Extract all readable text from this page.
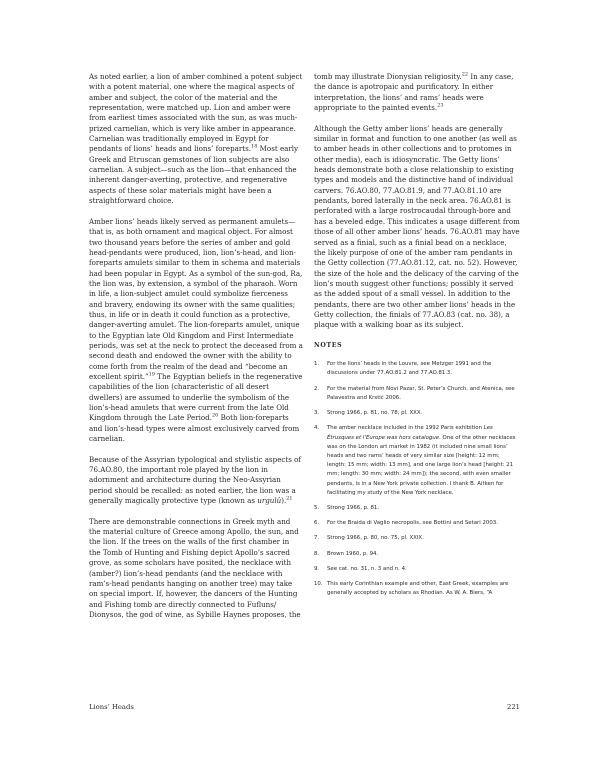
As noted earlier, a lion of amber combined a potent subject with a potent material, one where the magical aspects of amber and subject, the color of the material and the representation, were matched up. Lion and amber were from earliest times associated with the sun, as was much-prized carnelian, which is very like amber in appearance. Carnelian was traditionally employed in Egypt for pendants of lions’ heads and lions’ foreparts.$^{18}$ Most early Greek and Etruscan gemstones of lion subjects are also carnelian. A subject—such as the lion—that enhanced the inherent danger-averting, protective, and regenerative aspects of these solar materials might have been a straightforward choice.

Amber lions’ heads likely served as permanent amulets—that is, as both ornament and magical object. For almost two thousand years before the series of amber and gold head-pendants were produced, lion, lion’s-head, and lion-foreparts amulets similar to them in schema and materials had been popular in Egypt. As a symbol of the sun-god, Ra, the lion was, by extension, a symbol of the pharaoh. Worn in life, a lion-subject amulet could symbolize fierceness and bravery, endowing its owner with the same qualities; thus, in life or in death it could function as a protective, danger-averting amulet. The lion-foreparts amulet, unique to the Egyptian late Old Kingdom and First Intermediate periods, was set at the neck to protect the deceased from a second death and endowed the owner with the ability to come forth from the realm of the dead and “become an excellent spirit.”$^{19}$ The Egyptian beliefs in the regenerative capabilities of the lion (characteristic of all desert dwellers) are assumed to underlie the symbolism of the lion’s-head amulets that were current from the late Old Kingdom through the Late Period.$^{20}$ Both lion-foreparts and lion’s-head types were almost exclusively carved from carnelian.

Because of the Assyrian typological and stylistic aspects of 76.AO.80, the important role played by the lion in adornment and architecture during the Neo-Assyrian period should be recalled: as noted earlier, the lion was a generally magically protective type (known as urgulû).$^{21}$

There are demonstrable connections in Greek myth and the material culture of Greece among Apollo, the sun, and the lion. If the trees on the walls of the first chamber in the Tomb of Hunting and Fishing depict Apollo’s sacred grove, as some scholars have posited, the necklace with (amber?) lion’s-head pendants (and the necklace with ram’s-head pendants hanging on another tree) may take on special import. If, however, the dancers of the Hunting and Fishing tomb are directly connected to Fufluns/ Dionysos, the god of wine, as Sybille Haynes proposes, the

tomb may illustrate Dionysian religiosity.$^{22}$ In any case, the dance is apotropaic and purificatory. In either interpretation, the lions’ and rams’ heads were appropriate to the painted events.$^{23}$

Although the Getty amber lions’ heads are generally similar in format and function to one another (as well as to amber heads in other collections and to protomes in other media), each is idiosyncratic. The Getty lions’ heads demonstrate both a close relationship to existing types and models and the distinctive hand of individual carvers. 76.AO.80, 77.AO.81.9, and 77.AO.81.10 are pendants, bored laterally in the neck area. 76.AO.81 is perforated with a large rostrocaudal through-bore and has a beveled edge. This indicates a usage different from those of all other amber lions’ heads. 76.AO.81 may have served as a finial, such as a finial bead on a necklace, the likely purpose of one of the amber ram pendants in the Getty collection (77.AO.81.12, cat. no. 52). However, the size of the hole and the delicacy of the carving of the lion’s mouth suggest other functions; possibly it served as the added spout of a small vessel. In addition to the pendants, there are two other amber lions’ heads in the Getty collection, the finials of 77.AO.83 (cat. no. 38), a plaque with a walking boar as its subject.

NOTES
1. For the lions’ heads in the Louvre, see Metzger 1991 and the discussions under 77.AO.81.2 and 77.AO.81.3.
2. For the material from Novi Pazar, St. Peter’s Church, and Atenica, see Palavestra and Krstić 2006.
3. Strong 1966, p. 81, no. 78, pl. XXX.
4. The amber necklace included in the 1992 Paris exhibition Les Étrusques et l’Europe was hors catalogue. One of the other necklaces was on the London art market in 1982 (it included nine small lions’ heads and two rams’ heads of very similar size [height: 12 mm; length: 15 mm; width: 13 mm], and one large lion’s head [height: 21 mm; length: 30 mm; width: 24 mm]); the second, with even smaller pendants, is in a New York private collection. I thank B. Aitken for facilitating my study of the New York necklace.
5. Strong 1966, p. 81.
6. For the Braida di Vaglio necropolis, see Bottini and Setari 2003.
7. Strong 1966, p. 80, no. 75, pl. XXIX.
8. Brown 1960, p. 94.
9. See cat. no. 31, n. 3 and n. 4.
10. This early Corinthian example and other, East Greek, examples are generally accepted by scholars as Rhodian. As W. A. Biers, “A
Lions’ Heads	221
